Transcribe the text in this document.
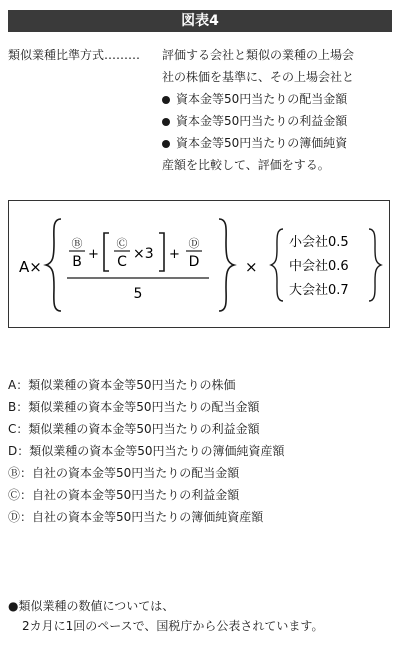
図表4
類似業種比準方式……… 評価する会社と類似の業種の上場会
社の株価を基準に、その上場会社と
資本金等50円当たりの配当金額
資本金等50円当たりの利益金額
資本金等50円当たりの簿価純資
産額を比較して、評価をする。
A×
Ⓑ
B +
Ⓒ
C ×3 +
Ⓓ
D
5
×
小会社0.5
中会社0.6
大会社0.7
A：類似業種の資本金等50円当たりの株価
B：類似業種の資本金等50円当たりの配当金額
C：類似業種の資本金等50円当たりの利益金額
D：類似業種の資本金等50円当たりの簿価純資産額
Ⓑ：自社の資本金等50円当たりの配当金額
Ⓒ：自社の資本金等50円当たりの利益金額
Ⓓ：自社の資本金等50円当たりの簿価純資産額
●類似業種の数値については、
2カ月に1回のペースで、国税庁から公表されています。
